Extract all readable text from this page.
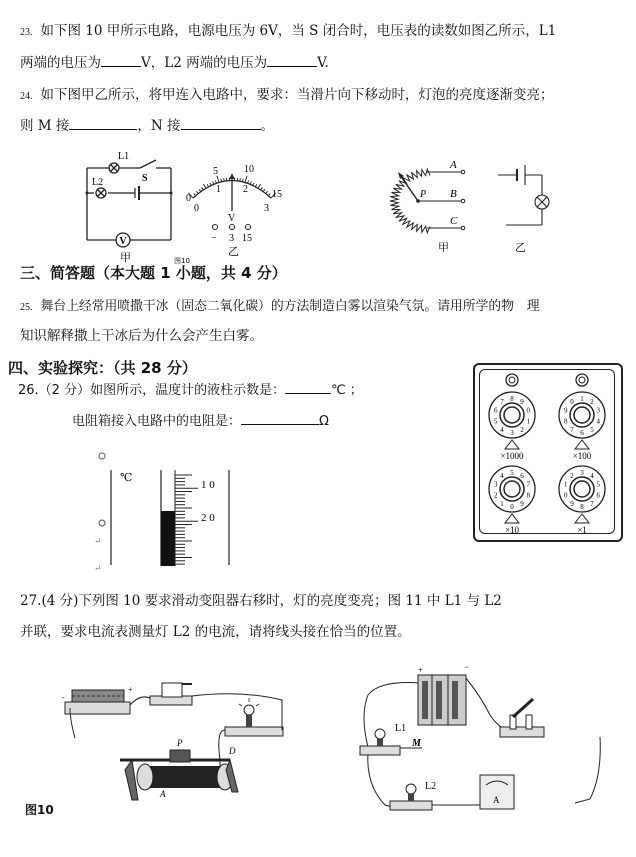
23. 如下图 10 甲所示电路，电源电压为 6V，当 S 闭合时，电压表的读数如图乙所示，L1
两端的电压为	V，L2 两端的电压为	V.
24. 如下图甲乙所示，将甲连入电路中，要求：当滑片向下移动时，灯泡的亮度逐渐变亮；
则 M 接	，N 接	。
V
L1
L2	S
甲
0
5	10
15
0
1 2
3
V
− 3 15
乙
图10
A
B
C
P
甲	乙
三、简答题（本大题 1 小题，共 4 分）
25. 舞台上经常用喷撒干冰（固态二氧化碳）的方法制造白雾以渲染气氛。请用所学的物　理
知识解释撒上干冰后为什么会产生白雾。
四、实验探究：（共 28 分）
26.（2 分）如图所示，温度计的液柱示数是：	℃ ；
电阻箱接入电路中的电阻是：	Ω
℃
↵
↵
1 0
2 0
3
4
5
6
7 8 9
0
1
2
×1000
6
7
8
9
0 1 2
3
4
5
×100
0
1
2
3
4 5 6
7
8
9
×10
8
9
0
1
2 3 4
5
6
7
×1
27.(4 分)下列图 10 要求滑动变阻器右移时，灯的亮度变亮；图 11 中 L1 与 L2
并联，要求电流表测量灯 L2 的电流，请将线头接在恰当的位置。
-
+
P
A
D
图10
+	−
L1
M
L2
A
